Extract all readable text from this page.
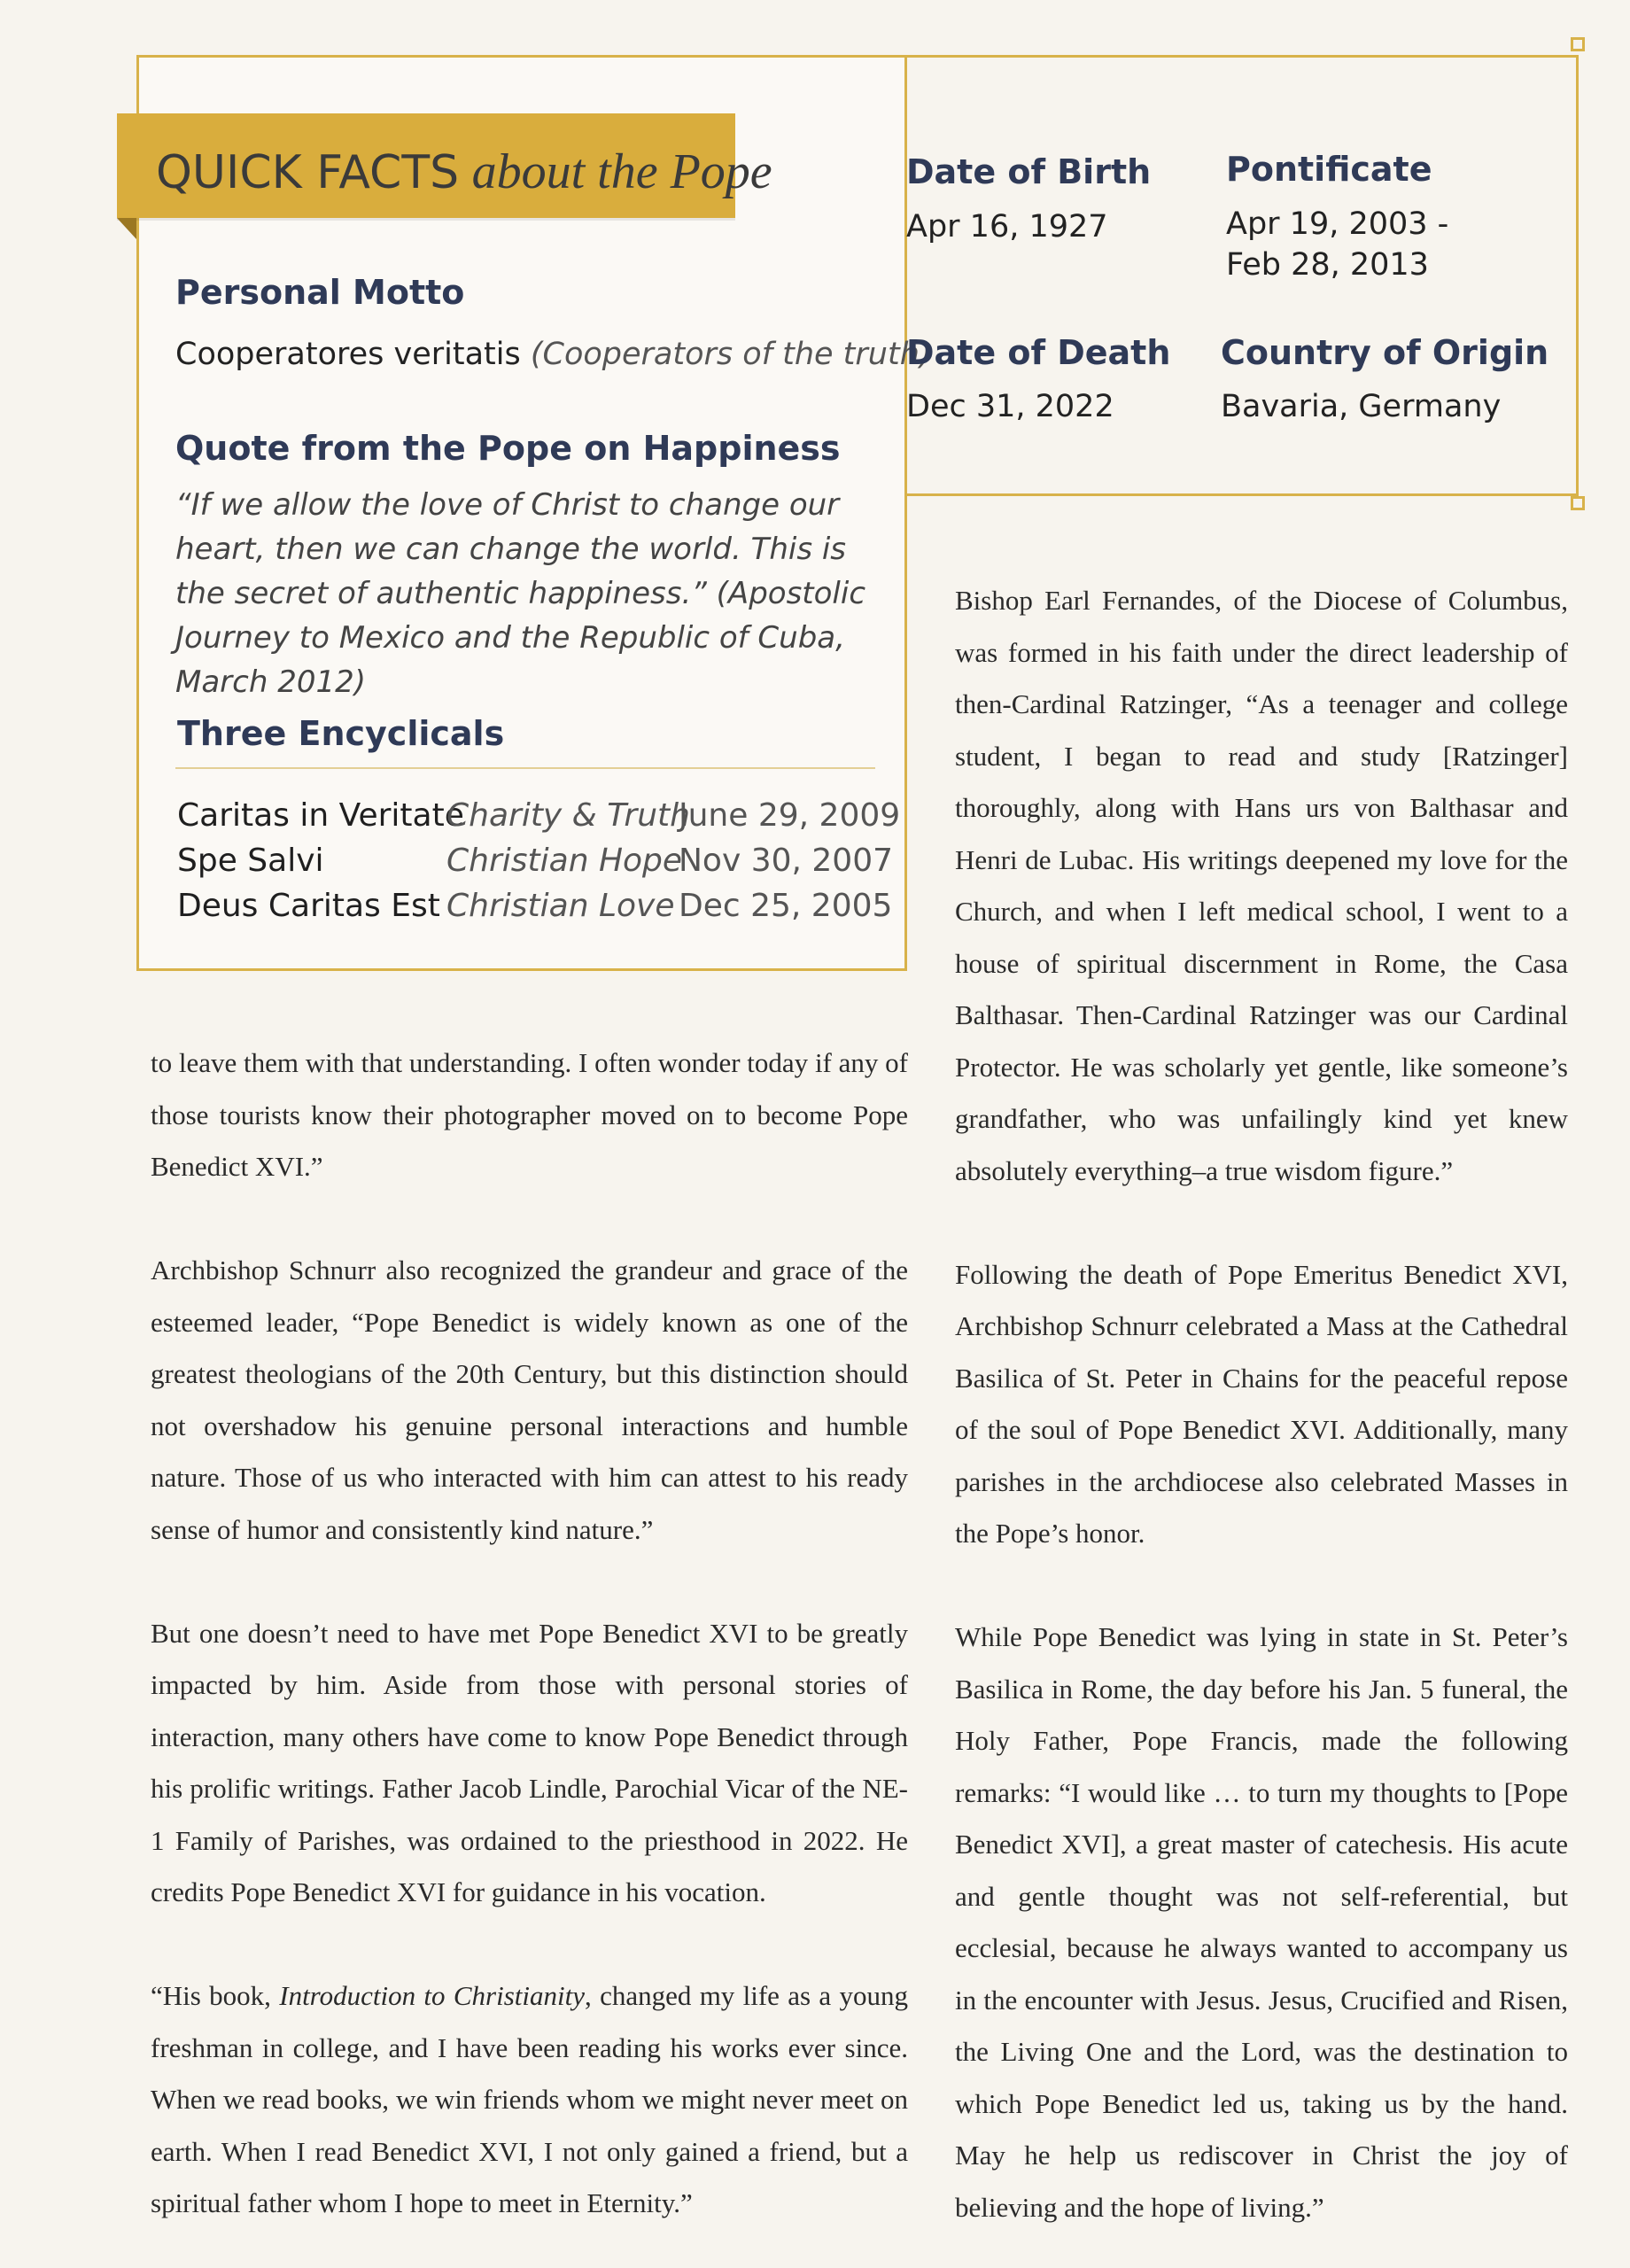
QUICK FACTS about the Pope
Personal Motto
Cooperatores veritatis (Cooperators of the truth)
Quote from the Pope on Happiness
“If we allow the love of Christ to change our heart, then we can change the world. This is the secret of authentic happiness.” (Apostolic Journey to Mexico and the Republic of Cuba, March 2012)
Three Encyclicals
Caritas in Veritate
Charity & Truth
June 29, 2009
Spe Salvi	Christian Hope
Nov 30, 2007
Deus Caritas Est Christian Love Dec 25, 2005
Date of Birth
Apr 16, 1927
Pontificate
Apr 19, 2003 -
Feb 28, 2013
Date of Death
Dec 31, 2022
Country of Origin
Bavaria, Germany

to leave them with that understanding. I often wonder today if any of those tourists know their photographer moved on to become Pope Benedict XVI.”

Archbishop Schnurr also recognized the grandeur and grace of the esteemed leader, “Pope Benedict is widely known as one of the greatest theologians of the 20th Century, but this distinction should not overshadow his genuine personal interactions and humble nature. Those of us who interacted with him can attest to his ready sense of humor and consistently kind nature.”

But one doesn’t need to have met Pope Benedict XVI to be greatly impacted by him. Aside from those with personal stories of interaction, many others have come to know Pope Benedict through his prolific writings. Father Jacob Lindle, Parochial Vicar of the NE-1 Family of Parishes, was ordained to the priesthood in 2022. He credits Pope Benedict XVI for guidance in his vocation.

“His book, Introduction to Christianity, changed my life as a young freshman in college, and I have been reading his works ever since. When we read books, we win friends whom we might never meet on earth. When I read Benedict XVI, I not only gained a friend, but a spiritual father whom I hope to meet in Eternity.”

Bishop Earl Fernandes, of the Diocese of Columbus, was formed in his faith under the direct leadership of then-Cardinal Ratzinger, “As a teenager and college student, I began to read and study [Ratzinger] thoroughly, along with Hans urs von Balthasar and Henri de Lubac. His writings deepened my love for the Church, and when I left medical school, I went to a house of spiritual discernment in Rome, the Casa Balthasar. Then-Cardinal Ratzinger was our Cardinal Protector. He was scholarly yet gentle, like someone’s grandfather, who was unfailingly kind yet knew absolutely everything–a true wisdom figure.”

Following the death of Pope Emeritus Benedict XVI, Archbishop Schnurr celebrated a Mass at the Cathedral Basilica of St. Peter in Chains for the peaceful repose of the soul of Pope Benedict XVI. Additionally, many parishes in the archdiocese also celebrated Masses in the Pope’s honor.

While Pope Benedict was lying in state in St. Peter’s Basilica in Rome, the day before his Jan. 5 funeral, the Holy Father, Pope Francis, made the following remarks: “I would like … to turn my thoughts to [Pope Benedict XVI], a great master of catechesis. His acute and gentle thought was not self-referential, but ecclesial, because he always wanted to accompany us in the encounter with Jesus. Jesus, Crucified and Risen, the Living One and the Lord, was the destination to which Pope Benedict led us, taking us by the hand. May he help us rediscover in Christ the joy of believing and the hope of living.”
